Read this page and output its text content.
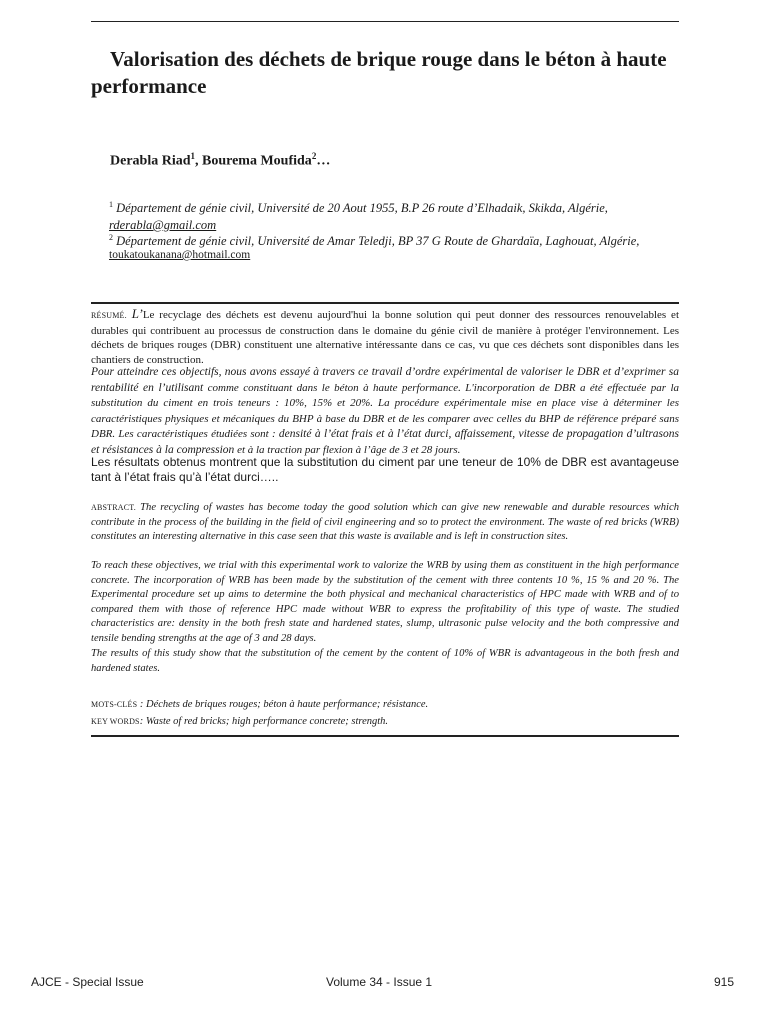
Valorisation des déchets de brique rouge dans le béton à haute performance
Derabla Riad$^1$, Bourema Moufida$^2$…
$^1$ Département de génie civil, Université de 20 Aout 1955, B.P 26 route d’Elhadaik, Skikda, Algérie,
rderabla@gmail.com
$^2$ Département de génie civil, Université de Amar Teledji, BP 37 G Route de Ghardaïa, Laghouat, Algérie,
toukatoukanana@hotmail.com
RÉSUMÉ. L’Le recyclage des déchets est devenu aujourd'hui la bonne solution qui peut donner des ressources renouvelables et durables qui contribuent au processus de construction dans le domaine du génie civil de manière à protéger l'environnement. Les déchets de briques rouges (DBR) constituent une alternative intéressante dans ce cas, vu que ces déchets sont disponibles dans les chantiers de construction.
Pour atteindre ces objectifs, nous avons essayé à travers ce travail d’ordre expérimental de valoriser le DBR et d’exprimer sa rentabilité en l’utilisant comme constituant dans le béton à haute performance. L'incorporation de DBR a été effectuée par la substitution du ciment en trois teneurs : 10%, 15% et 20%. La procédure expérimentale mise en place vise à déterminer les caractéristiques physiques et mécaniques du BHP à base du DBR et de les comparer avec celles du BHP de référence préparé sans DBR. Les caractéristiques étudiées sont : densité à l’état frais et à l’état durci, affaissement, vitesse de propagation d’ultrasons et résistances à la compression et à la traction par flexion à l’âge de 3 et 28 jours.
Les résultats obtenus montrent que la substitution du ciment par une teneur de 10% de DBR est avantageuse tant à l’état frais qu’à l’état durci…..
ABSTRACT. The recycling of wastes has become today the good solution which can give new renewable and durable resources which contribute in the process of the building in the field of civil engineering and so to protect the environment. The waste of red bricks (WRB) constitutes an interesting alternative in this case seen that this waste is available and is left in construction sites.
To reach these objectives, we trial with this experimental work to valorize the WRB by using them as constituent in the high performance concrete. The incorporation of WRB has been made by the substitution of the cement with three contents 10 %, 15 % and 20 %. The Experimental procedure set up aims to determine the both physical and mechanical characteristics of HPC made with WRB and of to compared them with those of reference HPC made without WBR to express the profitability of this type of waste. The studied characteristics are: density in the both fresh state and hardened states, slump, ultrasonic pulse velocity and the both compressive and tensile bending strengths at the age of 3 and 28 days.
The results of this study show that the substitution of the cement by the content of 10% of WBR is advantageous in the both fresh and hardened states.
MOTS-CLÉS : Déchets de briques rouges; béton à haute performance; résistance.
KEY WORDS: Waste of red bricks; high performance concrete; strength.
AJCE - Special Issue	Volume 34 - Issue 1	915
